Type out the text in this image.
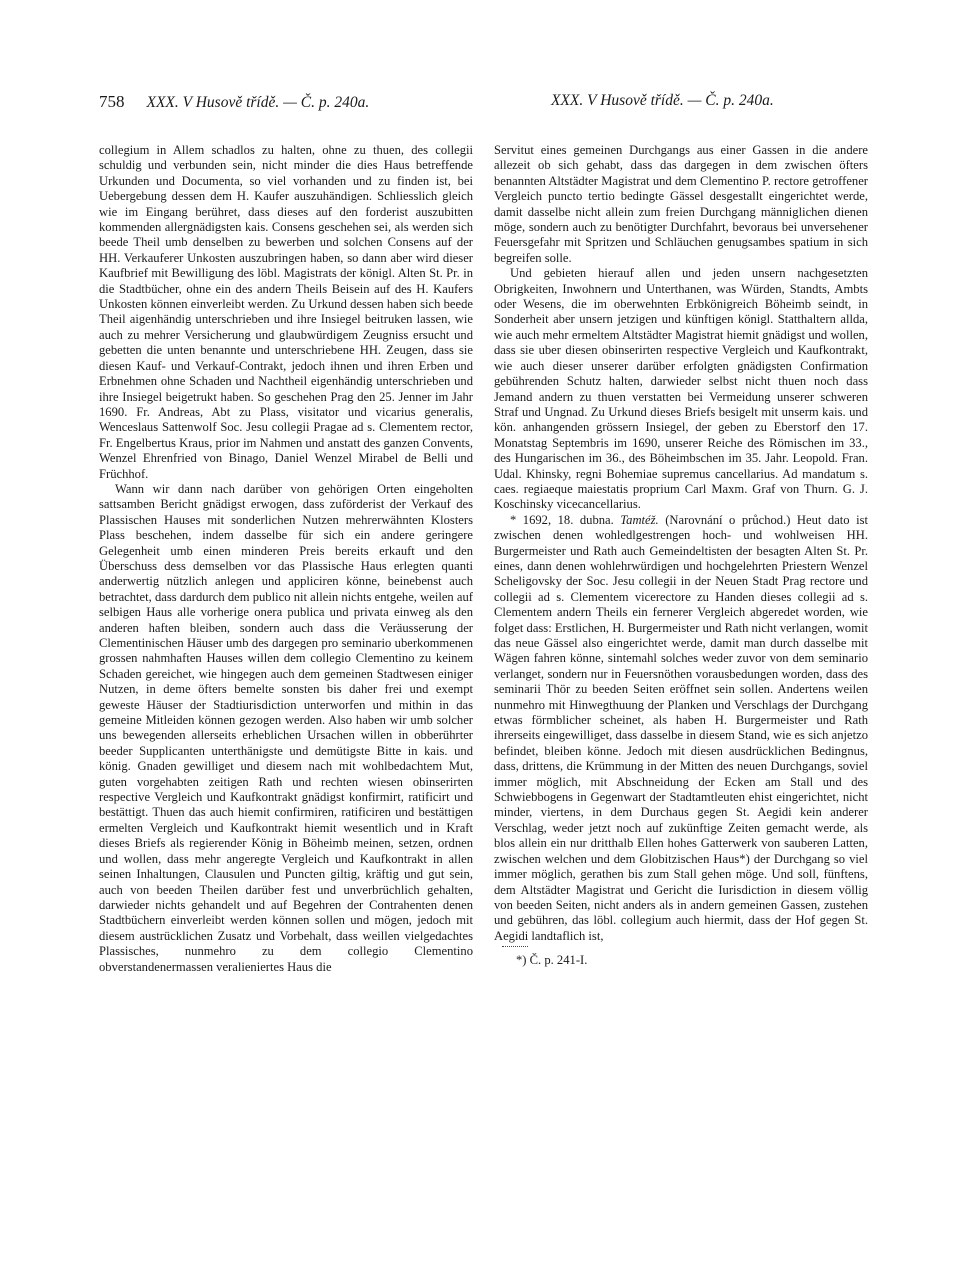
758 XXX. V Husově třídě. — Č. p. 240a.	XXX. V Husově třídě. — Č. p. 240a.

collegium in Allem schadlos zu halten, ohne zu thuen, des collegii schuldig und verbunden sein, nicht minder die dies Haus betreffende Urkunden und Documenta, so viel vorhanden und zu finden ist, bei Uebergebung dessen dem H. Kaufer auszuhändigen. Schliesslich gleich wie im Eingang berühret, dass dieses auf den forderist auszubitten kommenden allergnädigsten kais. Consens geschehen sei, als werden sich beede Theil umb denselben zu bewerben und solchen Consens auf der HH. Verkauferer Unkosten auszubringen haben, so dann aber wird dieser Kaufbrief mit Bewilligung des löbl. Magistrats der königl. Alten St. Pr. in die Stadtbücher, ohne ein des andern Theils Beisein auf des H. Kaufers Unkosten können einverleibt werden. Zu Urkund dessen haben sich beede Theil aigenhändig unterschrieben und ihre Insiegel beitruken lassen, wie auch zu mehrer Versicherung und glaubwürdigem Zeugniss ersucht und gebetten die unten benannte und unterschriebene HH. Zeugen, dass sie diesen Kauf- und Verkauf-Contrakt, jedoch ihnen und ihren Erben und Erbnehmen ohne Schaden und Nachtheil eigenhändig unterschrieben und ihre Insiegel beigetrukt haben. So geschehen Prag den 25. Jenner im Jahr 1690. Fr. Andreas, Abt zu Plass, visitator und vicarius generalis, Wenceslaus Sattenwolf Soc. Jesu collegii Pragae ad s. Clementem rector, Fr. Engelbertus Kraus, prior im Nahmen und anstatt des ganzen Convents, Wenzel Ehrenfried von Binago, Daniel Wenzel Mirabel de Belli und Früchhof.

Wann wir dann nach darüber von gehörigen Orten eingeholten sattsamben Bericht gnädigst erwogen, dass zuförderist der Verkauf des Plassischen Hauses mit sonderlichen Nutzen mehrerwähnten Klosters Plass beschehen, indem dasselbe für sich ein andere geringere Gelegenheit umb einen minderen Preis bereits erkauft und den Überschuss dess demselben vor das Plassische Haus erlegten quanti anderwertig nützlich anlegen und appliciren könne, beinebenst auch betrachtet, dass dardurch dem publico nit allein nichts entgehe, weilen auf selbigen Haus alle vorherige onera publica und privata einweg als den anderen haften bleiben, sondern auch dass die Veräusserung der Clementinischen Häuser umb des dargegen pro seminario uberkommenen grossen nahmhaften Hauses willen dem collegio Clementino zu keinem Schaden gereichet, wie hingegen auch dem gemeinen Stadtwesen einiger Nutzen, in deme öfters bemelte sonsten bis daher frei und exempt geweste Häuser der Stadtiurisdiction unterworfen und mithin in das gemeine Mitleiden können gezogen werden. Also haben wir umb solcher uns bewegenden allerseits erheblichen Ursachen willen in obberührter beeder Supplicanten unterthänigste und demütigste Bitte in kais. und könig. Gnaden gewilliget und diesem nach mit wohlbedachtem Mut, guten vorgehabten zeitigen Rath und rechten wiesen obinserirten respective Vergleich und Kaufkontrakt gnädigst konfirmirt, ratificirt und bestättigt. Thuen das auch hiemit confirmiren, ratificiren und bestättigen ermelten Vergleich und Kaufkontrakt hiemit wesentlich und in Kraft dieses Briefs als regierender König in Böheimb meinen, setzen, ordnen und wollen, dass mehr angeregte Vergleich und Kaufkontrakt in allen seinen Inhaltungen, Clausulen und Puncten giltig, kräftig und gut sein, auch von beeden Theilen darüber fest und unverbrüchlich gehalten, darwieder nichts gehandelt und auf Begehren der Contrahenten denen Stadtbüchern einverleibt werden können sollen und mögen, jedoch mit diesem austrücklichen Zusatz und Vorbehalt, dass weillen vielgedachtes Plassisches, nunmehro zu dem collegio Clementino obverstandenermassen veralieniertes Haus die

Servitut eines gemeinen Durchgangs aus einer Gassen in die andere allezeit ob sich gehabt, dass das dargegen in dem zwischen öfters benannten Altstädter Magistrat und dem Clementino P. rectore getroffener Vergleich puncto tertio bedingte Gässel desgestallt eingerichtet werde, damit dasselbe nicht allein zum freien Durchgang männiglichen dienen möge, sondern auch zu benötigter Durchfahrt, bevoraus bei unversehener Feuersgefahr mit Spritzen und Schläuchen genugsambes spatium in sich begreifen solle.

Und gebieten hierauf allen und jeden unsern nachgesetzten Obrigkeiten, Inwohnern und Unterthanen, was Würden, Standts, Ambts oder Wesens, die im oberwehnten Erbkönigreich Böheimb seindt, in Sonderheit aber unsern jetzigen und künftigen königl. Statthaltern allda, wie auch mehr ermeltem Altstädter Magistrat hiemit gnädigst und wollen, dass sie uber diesen obinserirten respective Vergleich und Kaufkontrakt, wie auch dieser unserer darüber erfolgten gnädigsten Confirmation gebührenden Schutz halten, darwieder selbst nicht thuen noch dass Jemand andern zu thuen verstatten bei Vermeidung unserer schweren Straf und Ungnad. Zu Urkund dieses Briefs besigelt mit unserm kais. und kön. anhangenden grössern Insiegel, der geben zu Eberstorf den 17. Monatstag Septembris im 1690, unserer Reiche des Römischen im 33., des Hungarischen im 36., des Böheimbschen im 35. Jahr. Leopold. Fran. Udal. Khinsky, regni Bohemiae supremus cancellarius. Ad mandatum s. caes. regiaeque maiestatis proprium Carl Maxm. Graf von Thurn. G. J. Koschinsky vicecancellarius.

* 1692, 18. dubna. Tamtéž. (Narovnání o průchod.) Heut dato ist zwischen denen wohledlgestrengen hoch- und wohlweisen HH. Burgermeister und Rath auch Gemeindeltisten der besagten Alten St. Pr. eines, dann denen wohlehrwürdigen und hochgelehrten Priestern Wenzel Scheligovsky der Soc. Jesu collegii in der Neuen Stadt Prag rectore und collegii ad s. Clementem vicerectore zu Handen dieses collegii ad s. Clementem andern Theils ein fernerer Vergleich abgeredet worden, wie folget dass: Erstlichen, H. Burgermeister und Rath nicht verlangen, womit das neue Gässel also eingerichtet werde, damit man durch dasselbe mit Wägen fahren könne, sintemahl solches weder zuvor von dem seminario verlanget, sondern nur in Feuersnöthen vorausbedungen worden, dass des seminarii Thör zu beeden Seiten eröffnet sein sollen. Andertens weilen nunmehro mit Hinwegthuung der Planken und Verschlags der Durchgang etwas förmblicher scheinet, als haben H. Burgermeister und Rath ihrerseits eingewilliget, dass dasselbe in diesem Stand, wie es sich anjetzo befindet, bleiben könne. Jedoch mit diesen ausdrücklichen Bedingnus, dass, drittens, die Krümmung in der Mitten des neuen Durchgangs, soviel immer möglich, mit Abschneidung der Ecken am Stall und des Schwiebbogens in Gegenwart der Stadtamtleuten ehist eingerichtet, nicht minder, viertens, in dem Durchaus gegen St. Aegidi kein anderer Verschlag, weder jetzt noch auf zukünftige Zeiten gemacht werde, als blos allein ein nur dritthalb Ellen hohes Gatterwerk von sauberen Latten, zwischen welchen und dem Globitzischen Haus*) der Durchgang so viel immer möglich, gerathen bis zum Stall gehen möge. Und soll, fünftens, dem Altstädter Magistrat und Gericht die Iurisdiction in diesem völlig von beeden Seiten, nicht anders als in andern gemeinen Gassen, zustehen und gebühren, das löbl. collegium auch hiermit, dass der Hof gegen St. Aegidi landtaflich ist,

*) Č. p. 241-I.
